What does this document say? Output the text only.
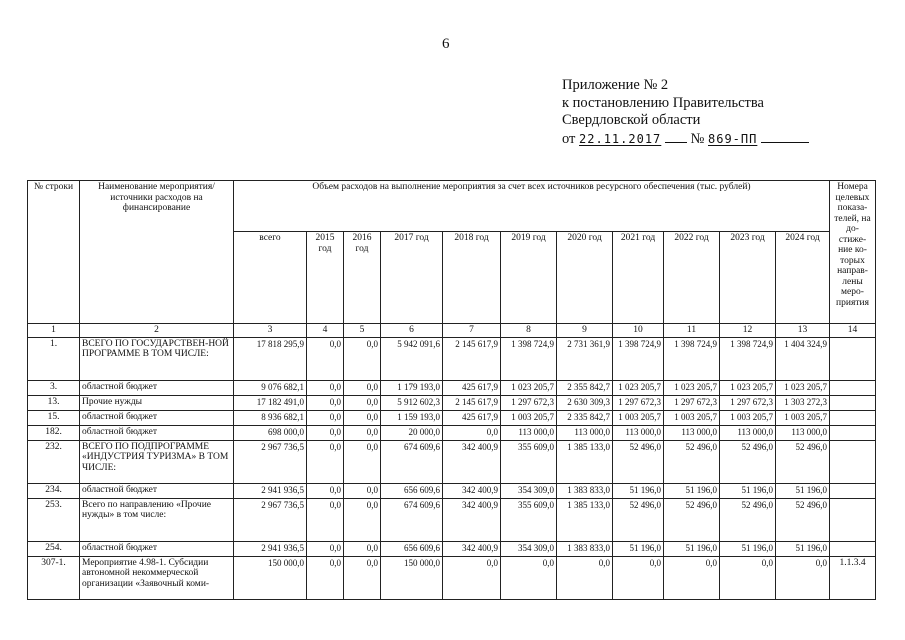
6
Приложение № 2
к постановлению Правительства
Свердловской области
от 22.11.2017 № 869-ПП
№ строки	Наименование мероприятия/ источники расходов на финансирование	Объем расходов на выполнение мероприятия за счет всех источников ресурсного обеспечения (тыс. рублей)											Номера целевых показа- телей, на до- стиже- ние ко- торых направ- лены меро- приятия
		всего	2015 год	2016 год	2017 год	2018 год	2019 год	2020 год	2021 год	2022 год	2023 год	2024 год	
1	2	3	4	5	6	7	8	9	10	11	12	13	14
1.	ВСЕГО ПО ГОСУДАРСТВЕН-НОЙ ПРОГРАММЕ В ТОМ ЧИСЛЕ:	17 818 295,9	0,0	0,0	5 942 091,6	2 145 617,9	1 398 724,9	2 731 361,9	1 398 724,9	1 398 724,9	1 398 724,9	1 404 324,9	
3.	областной бюджет	9 076 682,1	0,0	0,0	1 179 193,0	425 617,9	1 023 205,7	2 355 842,7	1 023 205,7	1 023 205,7	1 023 205,7	1 023 205,7	
13.	Прочие нужды	17 182 491,0	0,0	0,0	5 912 602,3	2 145 617,9	1 297 672,3	2 630 309,3	1 297 672,3	1 297 672,3	1 297 672,3	1 303 272,3	
15.	областной бюджет	8 936 682,1	0,0	0,0	1 159 193,0	425 617,9	1 003 205,7	2 335 842,7	1 003 205,7	1 003 205,7	1 003 205,7	1 003 205,7	
182.	областной бюджет	698 000,0	0,0	0,0	20 000,0	0,0	113 000,0	113 000,0	113 000,0	113 000,0	113 000,0	113 000,0	
232.	ВСЕГО ПО ПОДПРОГРАММЕ «ИНДУСТРИЯ ТУРИЗМА» В ТОМ ЧИСЛЕ:	2 967 736,5	0,0	0,0	674 609,6	342 400,9	355 609,0	1 385 133,0	52 496,0	52 496,0	52 496,0	52 496,0	
234.	областной бюджет	2 941 936,5	0,0	0,0	656 609,6	342 400,9	354 309,0	1 383 833,0	51 196,0	51 196,0	51 196,0	51 196,0	
253.	Всего по направлению «Прочие нужды» в том числе:	2 967 736,5	0,0	0,0	674 609,6	342 400,9	355 609,0	1 385 133,0	52 496,0	52 496,0	52 496,0	52 496,0	
254.	областной бюджет	2 941 936,5	0,0	0,0	656 609,6	342 400,9	354 309,0	1 383 833,0	51 196,0	51 196,0	51 196,0	51 196,0	
307-1.	Мероприятие 4.98-1. Субсидии автономной некоммерческой организации «Заявочный коми-	150 000,0	0,0	0,0	150 000,0	0,0	0,0	0,0	0,0	0,0	0,0	0,0	1.1.3.4
